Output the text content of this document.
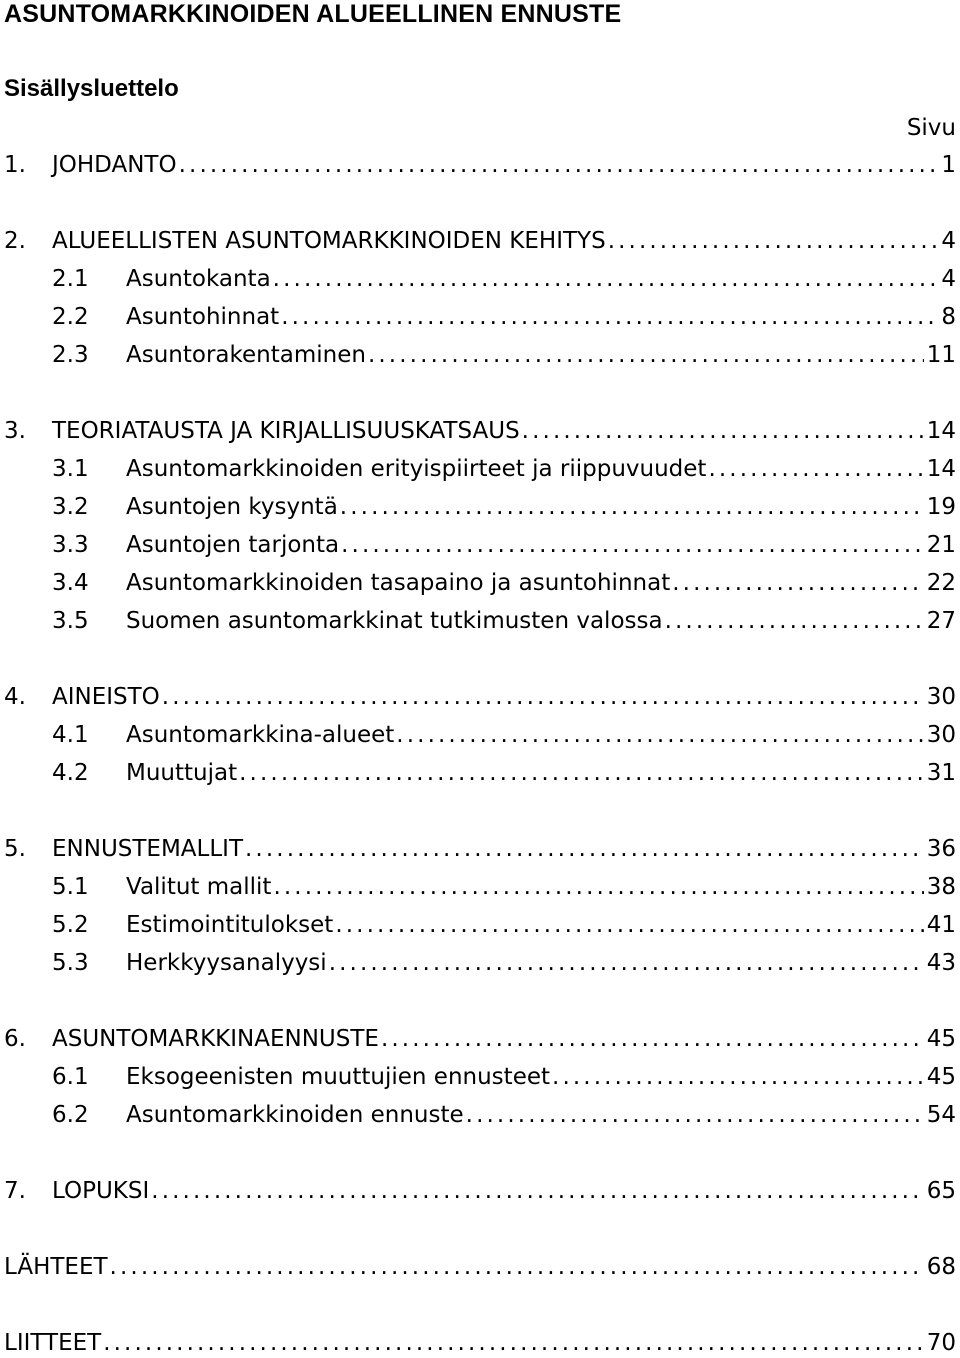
ASUNTOMARKKINOIDEN ALUEELLINEN ENNUSTE
Sisällysluettelo
Sivu
1.	JOHDANTO . . .	1
2.	ALUEELLISTEN ASUNTOMARKKINOIDEN KEHITYS . . .	4
2.1	Asuntokanta . . .	4
2.2	Asuntohinnat . . .	8
2.3	Asuntorakentaminen . . .	11
3.	TEORIATAUSTA JA KIRJALLISUUSKATSAUS . . .	14
3.1	Asuntomarkkinoiden erityispiirteet ja riippuvuudet . . .	14
3.2	Asuntojen kysyntä . . .	19
3.3	Asuntojen tarjonta . . .	21
3.4	Asuntomarkkinoiden tasapaino ja asuntohinnat . . .	22
3.5	Suomen asuntomarkkinat tutkimusten valossa . . .	27
4.	AINEISTO . . .	30
4.1	Asuntomarkkina-alueet . . .	30
4.2	Muuttujat . . .	31
5.	ENNUSTEMALLIT . . .	36
5.1	Valitut mallit . . .	38
5.2	Estimointitulokset . . .	41
5.3	Herkkyysanalyysi . . .	43
6.	ASUNTOMARKKINAENNUSTE . . .	45
6.1	Eksogeenisten muuttujien ennusteet . . .	45
6.2	Asuntomarkkinoiden ennuste . . .	54
7.	LOPUKSI . . .	65
LÄHTEET . . .	68
LIITTEET . . .	70
